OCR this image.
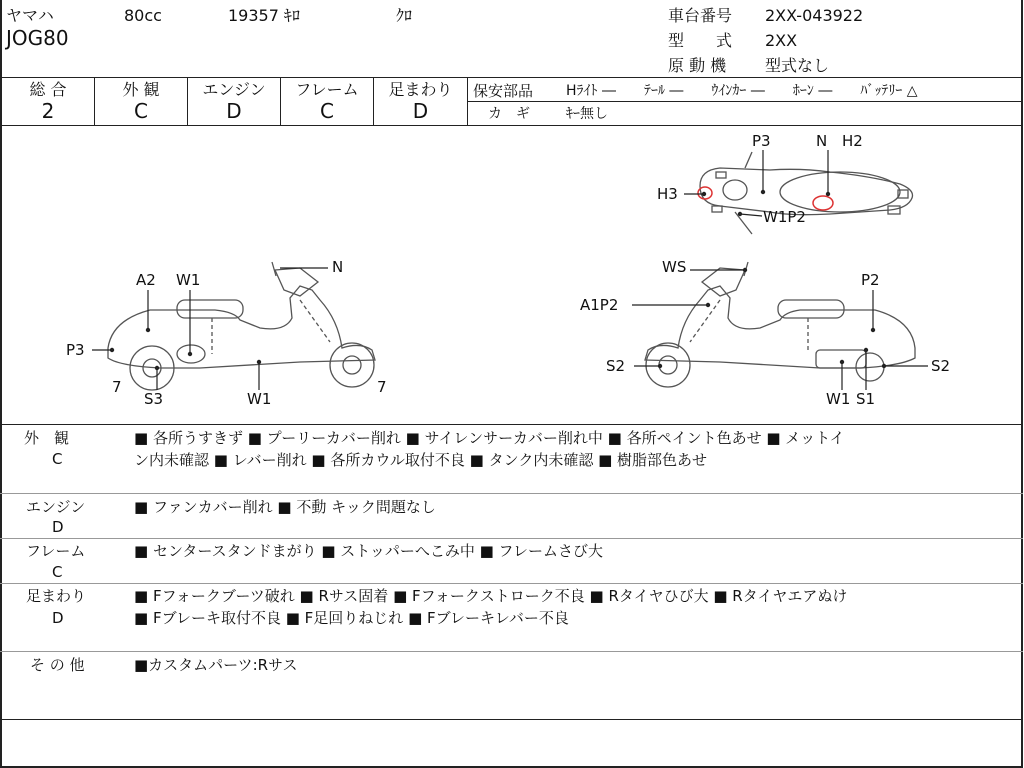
ヤマハ	80cc	19357 ｷﾛ	ｸﾛ
JOG80
車台番号 2XX-043922
型　　式 2XX
原 動 機 型式なし
総 合
2
外 観
C
エンジン
D
フレーム
C
足まわり
D
保安部品 Hﾗｲﾄ ―　　ﾃｰﾙ ―　　ｳｲﾝｶｰ ―　　ﾎｰﾝ ―　　ﾊﾞｯﾃﾘｰ △
カ　ギ	ｷｰ無し
P3	N H2
H3
W1P2
N
A2 W1
P3
7
S3	W1
7
WS
P2
A1P2
S2	S2
W1 S1
外　観
C
■ 各所うすきず ■ プーリーカバー削れ ■ サイレンサーカバー削れ中 ■ 各所ペイント色あせ ■ メットイ
ン内未確認 ■ レバー削れ ■ 各所カウル取付不良 ■ タンク内未確認 ■ 樹脂部色あせ
エンジン
D
■ ファンカバー削れ ■ 不動 キック問題なし
フレーム
C
■ センタースタンドまがり ■ ストッパーへこみ中 ■ フレームさび大
足まわり
D
■ Fフォークブーツ破れ ■ Rサス固着 ■ Fフォークストローク不良 ■ Rタイヤひび大 ■ Rタイヤエアぬけ
■ Fブレーキ取付不良 ■ F足回りねじれ ■ Fブレーキレバー不良
そ の 他	■カスタムパーツ:Rサス
